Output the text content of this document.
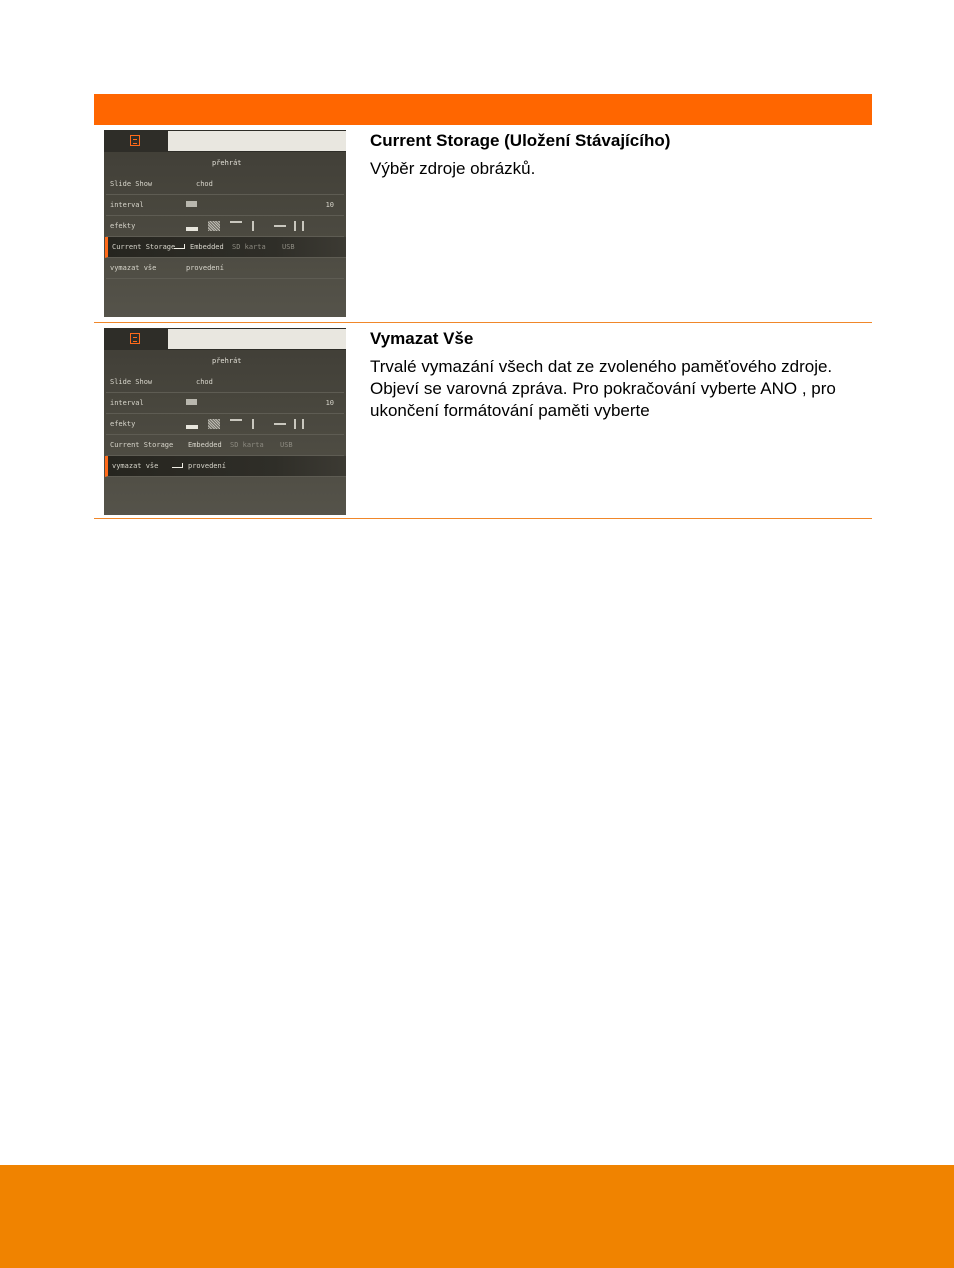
přehrát
Slide Show	chod
interval	10
efekty
Current Storage Embedded SD karta USB
vymazat vše	provedení

Current Storage (Uložení Stávajícího)

Výběr zdroje obrázků.

přehrát
Slide Show	chod
interval	10
efekty
Current Storage Embedded SD karta USB
vymazat vše	provedení

Vymazat Vše

Trvalé vymazání všech dat ze zvoleného paměťového zdroje. Objeví se varovná zpráva. Pro pokračování vyberte ANO , pro ukončení formátování paměti vyberte
